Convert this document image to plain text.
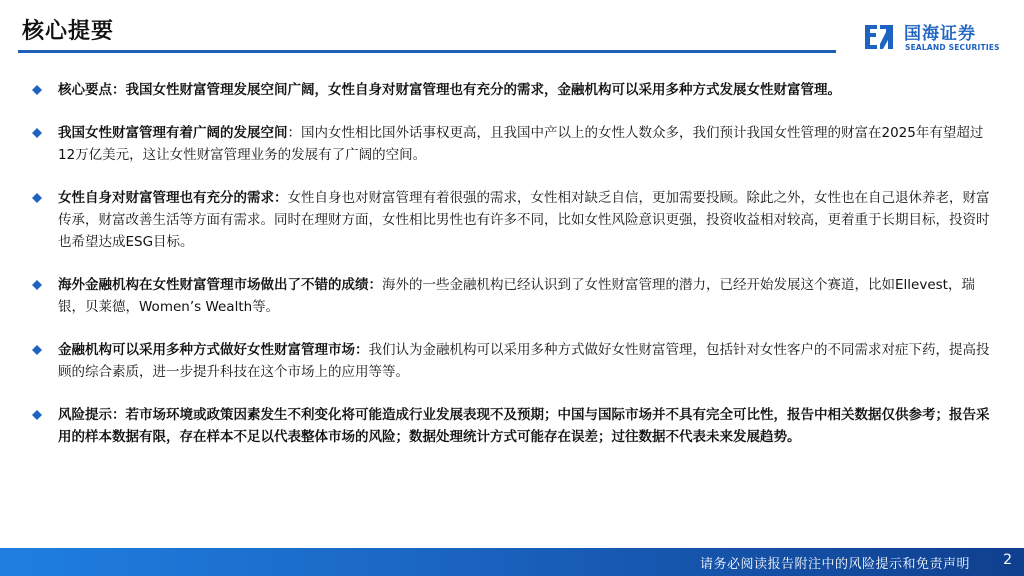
核心提要	国海证券
SEALAND SECURITIES
核心要点：我国女性财富管理发展空间广阔，女性自身对财富管理也有充分的需求，金融机构可以采用多种方式发展女性财富管理。
我国女性财富管理有着广阔的发展空间：国内女性相比国外话事权更高，且我国中产以上的女性人数众多，我们预计我国女性管理的财富在2025年有望超过12万亿美元，这让女性财富管理业务的发展有了广阔的空间。
女性自身对财富管理也有充分的需求：女性自身也对财富管理有着很强的需求，女性相对缺乏自信，更加需要投顾。除此之外，女性也在自己退休养老，财富传承，财富改善生活等方面有需求。同时在理财方面，女性相比男性也有许多不同，比如女性风险意识更强，投资收益相对较高，更着重于长期目标，投资时也希望达成ESG目标。
海外金融机构在女性财富管理市场做出了不错的成绩：海外的一些金融机构已经认识到了女性财富管理的潜力，已经开始发展这个赛道，比如Ellevest，瑞银，贝莱德，Women’s Wealth等。
金融机构可以采用多种方式做好女性财富管理市场：我们认为金融机构可以采用多种方式做好女性财富管理，包括针对女性客户的不同需求对症下药，提高投顾的综合素质，进一步提升科技在这个市场上的应用等等。
风险提示：若市场环境或政策因素发生不利变化将可能造成行业发展表现不及预期；中国与国际市场并不具有完全可比性，报告中相关数据仅供参考；报告采用的样本数据有限，存在样本不足以代表整体市场的风险；数据处理统计方式可能存在误差；过往数据不代表未来发展趋势。
请务必阅读报告附注中的风险提示和免责声明 2
